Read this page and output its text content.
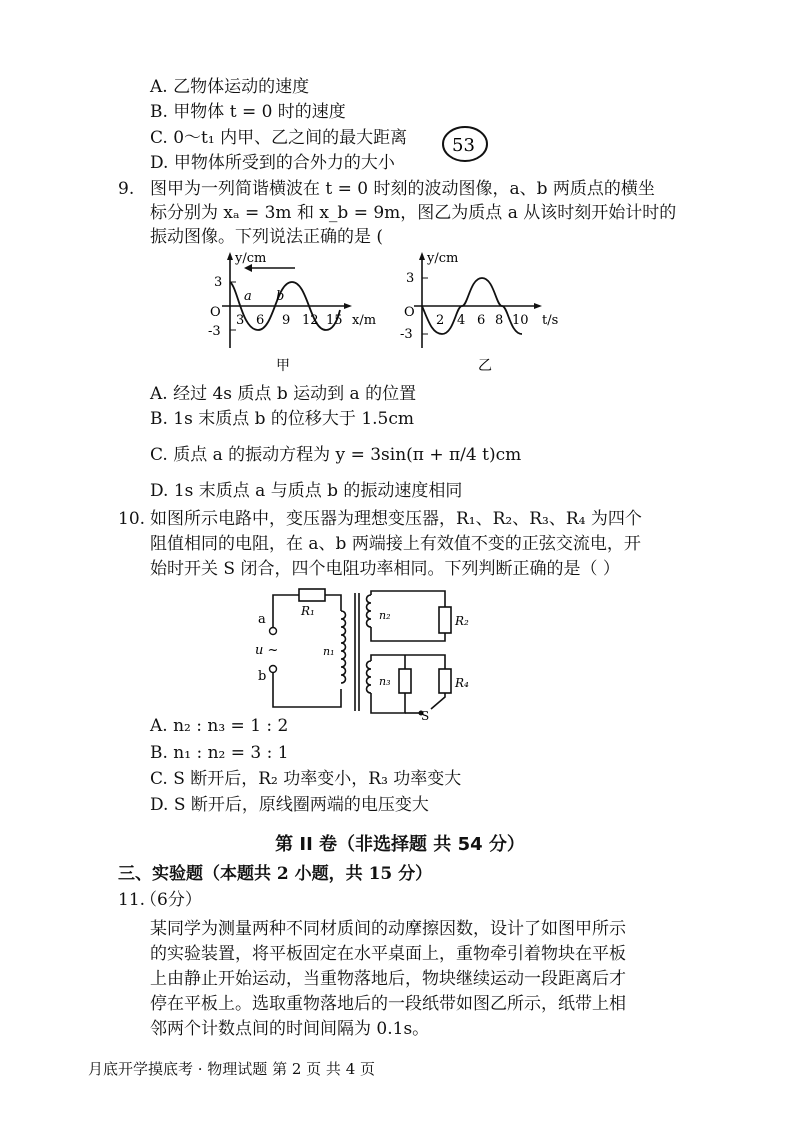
A. 乙物体运动的速度
B. 甲物体 t = 0 时的速度
C. 0～t₁ 内甲、乙之间的最大距离
D. 甲物体所受到的合外力的大小
53
9. 图甲为一列简谐横波在 t = 0 时刻的波动图像，a、b 两质点的横坐
标分别为 xₐ = 3m 和 x_b = 9m，图乙为质点 a 从该时刻开始计时的
振动图像。下列说法正确的是 (
y/cm
x/m
O
3
-3
3 6 9 12 15
a b
甲
y/cm
t/s
O
3
-3
2 4 6 8 10
乙
A. 经过 4s 质点 b 运动到 a 的位置
B. 1s 末质点 b 的位移大于 1.5cm
C. 质点 a 的振动方程为 y = 3sin(π + π/4 t)cm
D. 1s 末质点 a 与质点 b 的振动速度相同
10. 如图所示电路中，变压器为理想变压器，R₁、R₂、R₃、R₄ 为四个
阻值相同的电阻，在 a、b 两端接上有效值不变的正弦交流电，开
始时开关 S 闭合，四个电阻功率相同。下列判断正确的是（ ）
a
b
u ~
R₁
R₂
R₄
n₁
n₂
n₃
S
A. n₂ : n₃ = 1 : 2
B. n₁ : n₂ = 3 : 1
C. S 断开后，R₂ 功率变小，R₃ 功率变大
D. S 断开后，原线圈两端的电压变大
第 II 卷（非选择题 共 54 分）
三、实验题（本题共 2 小题，共 15 分）
11.
（6分）
某同学为测量两种不同材质间的动摩擦因数，设计了如图甲所示
的实验装置，将平板固定在水平桌面上，重物牵引着物块在平板
上由静止开始运动，当重物落地后，物块继续运动一段距离后才
停在平板上。选取重物落地后的一段纸带如图乙所示，纸带上相
邻两个计数点间的时间间隔为 0.1s。
月底开学摸底考 · 物理试题 第 2 页 共 4 页
